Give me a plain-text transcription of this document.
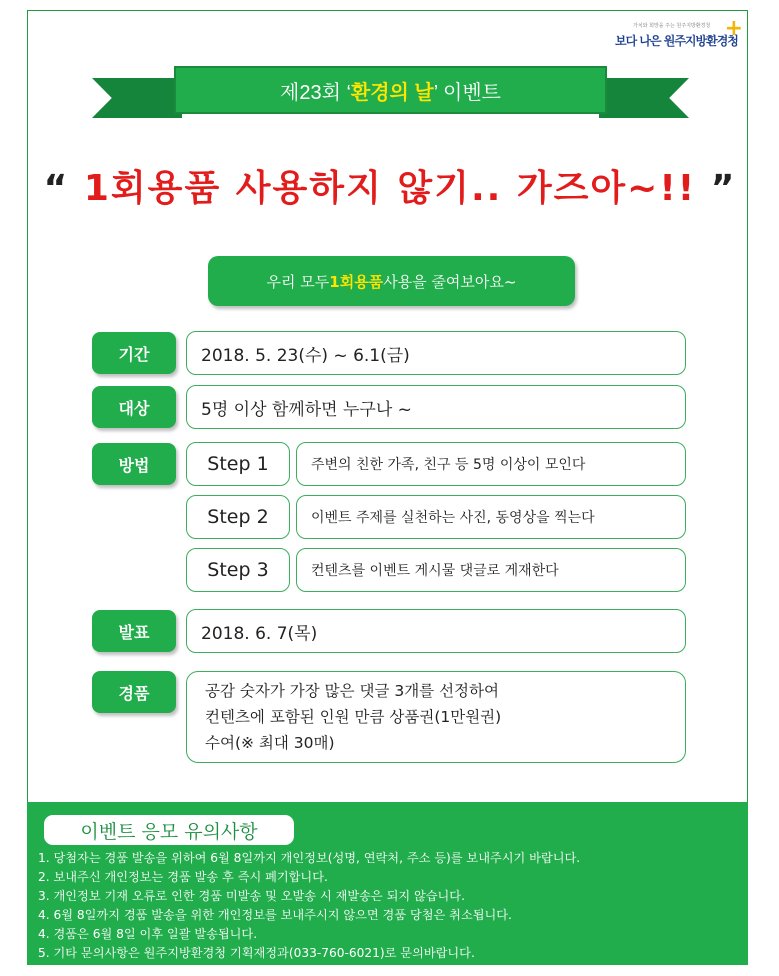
가치와 희망을 주는 원주지방환경청
보다 나은 원주지방환경청
+
제23회 ‘ 환경의 날 ’ 이벤트
“ 1회용품 사용하지 않기.. 가즈아~!! ”
우리 모두 1회용품 사용을 줄여보아요~
기간	2018. 5. 23(수) ~ 6.1(금)
대상	5명 이상 함께하면 누구나 ~
방법	Step 1	주변의 친한 가족, 친구 등 5명 이상이 모인다
Step 2	이벤트 주제를 실천하는 사진, 동영상을 찍는다
Step 3	컨텐츠를 이벤트 게시물 댓글로 게재한다
발표	2018. 6. 7(목)
경품	공감 숫자가 가장 많은 댓글 3개를 선정하여
컨텐츠에 포함된 인원 만큼 상품권(1만원권)
수여(※ 최대 30매)
이벤트 응모 유의사항
1. 당첨자는 경품 발송을 위하여 6월 8일까지 개인정보(성명, 연락처, 주소 등)를 보내주시기 바랍니다.
2. 보내주신 개인정보는 경품 발송 후 즉시 폐기합니다.
3. 개인정보 기재 오류로 인한 경품 미발송 및 오발송 시 재발송은 되지 않습니다.
4. 6월 8일까지 경품 발송을 위한 개인정보를 보내주시지 않으면 경품 당첨은 취소됩니다.
4. 경품은 6월 8일 이후 일괄 발송됩니다.
5. 기타 문의사항은 원주지방환경청 기획재정과(033-760-6021)로 문의바랍니다.
